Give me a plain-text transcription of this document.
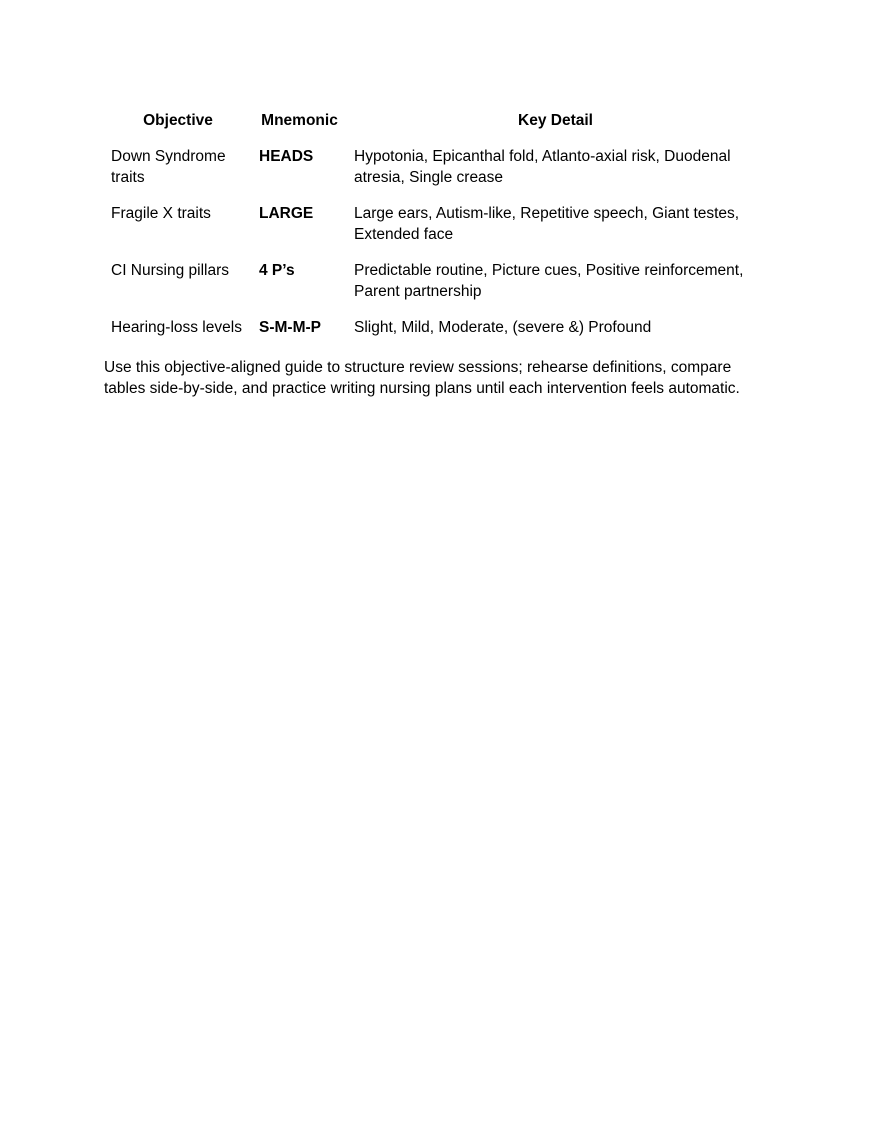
Objective	Mnemonic	Key Detail
Down Syndrome traits	HEADS	Hypotonia, Epicanthal fold, Atlanto-axial risk, Duodenal atresia, Single crease
Fragile X traits	LARGE	Large ears, Autism-like, Repetitive speech, Giant testes, Extended face
CI Nursing pillars	4 P’s	Predictable routine, Picture cues, Positive reinforcement, Parent partnership
Hearing-loss levels	S-M-M-P	Slight, Mild, Moderate, (severe &) Profound

Use this objective-aligned guide to structure review sessions; rehearse definitions, compare tables side-by-side, and practice writing nursing plans until each intervention feels automatic.
